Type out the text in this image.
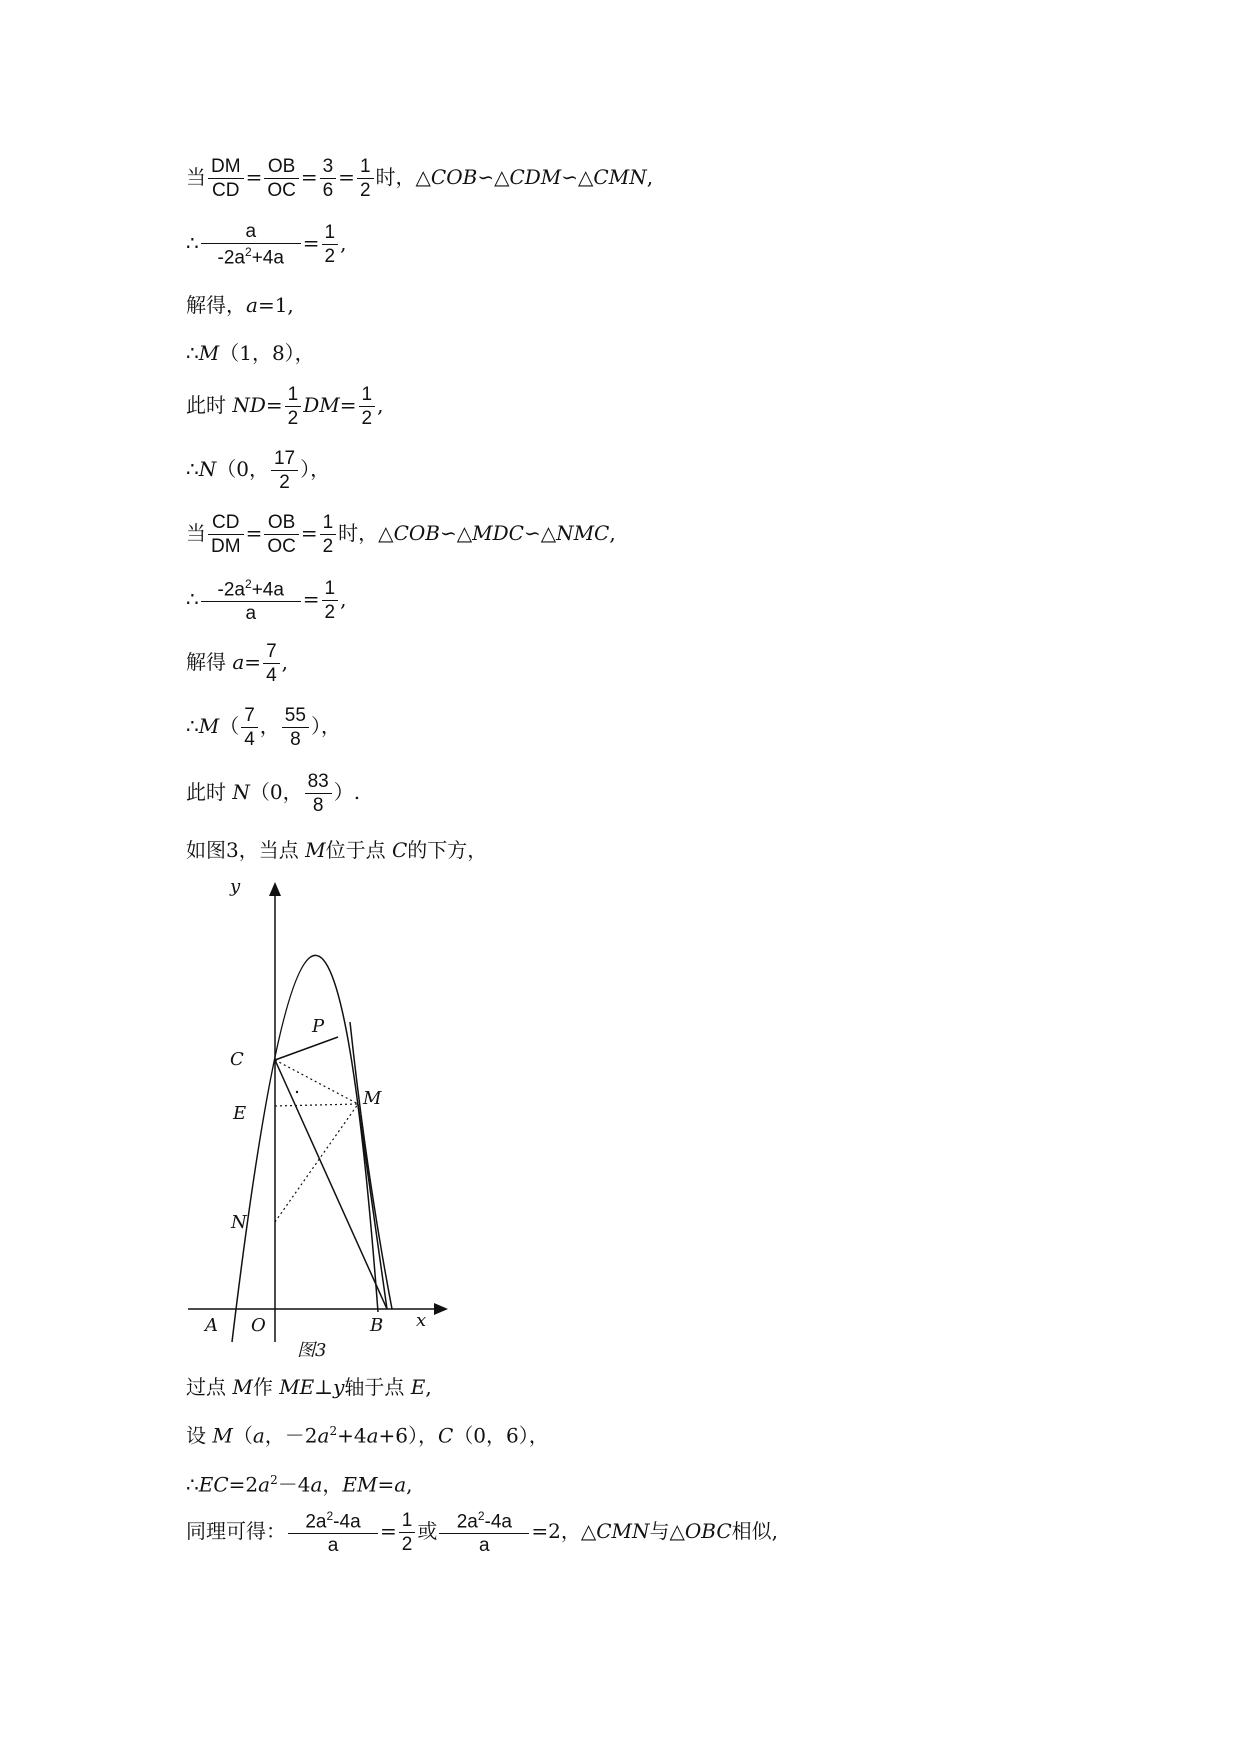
当 $\frac{DM}{CD} = \frac{OB}{OC} = \frac{3}{6} = \frac{1}{2}$ 时，△COB∽△CDM∽△CMN,
∴ $\frac{a}{-2a^2+4a} = \frac{1}{2}$ ,
解得，a=1,
∴M（1，8），
此时 $ND= \frac{1}{2} DM= \frac{1}{2}$ ,
∴N（0， $\frac{17}{2}$ ），
当 $\frac{CD}{DM} = \frac{OB}{OC} = \frac{1}{2}$ 时，△COB∽△MDC∽△NMC,
∴ $\frac{-2a^2+4a}{a} = \frac{1}{2}$ ,
解得 $a= \frac{7}{4}$ ,
∴M（ $\frac{7}{4}$ ， $\frac{55}{8}$ ），
此时 N（0， $\frac{83}{8}$ ）.
如图3，当点 M位于点 C的下方，
y
x
P
C
M
E
N
A O	B
图3
过点 M作 ME⊥y轴于点 E,
设 M（a，$-2a^2+4a+6$），C（0，6），
$\therefore EC=2a^2-4a$，EM=a,
同理可得： $\frac{2a^2-4a}{a} = \frac{1}{2}$ 或 $\frac{2a^2-4a}{a} =2$，△CMN与△OBC相似,
